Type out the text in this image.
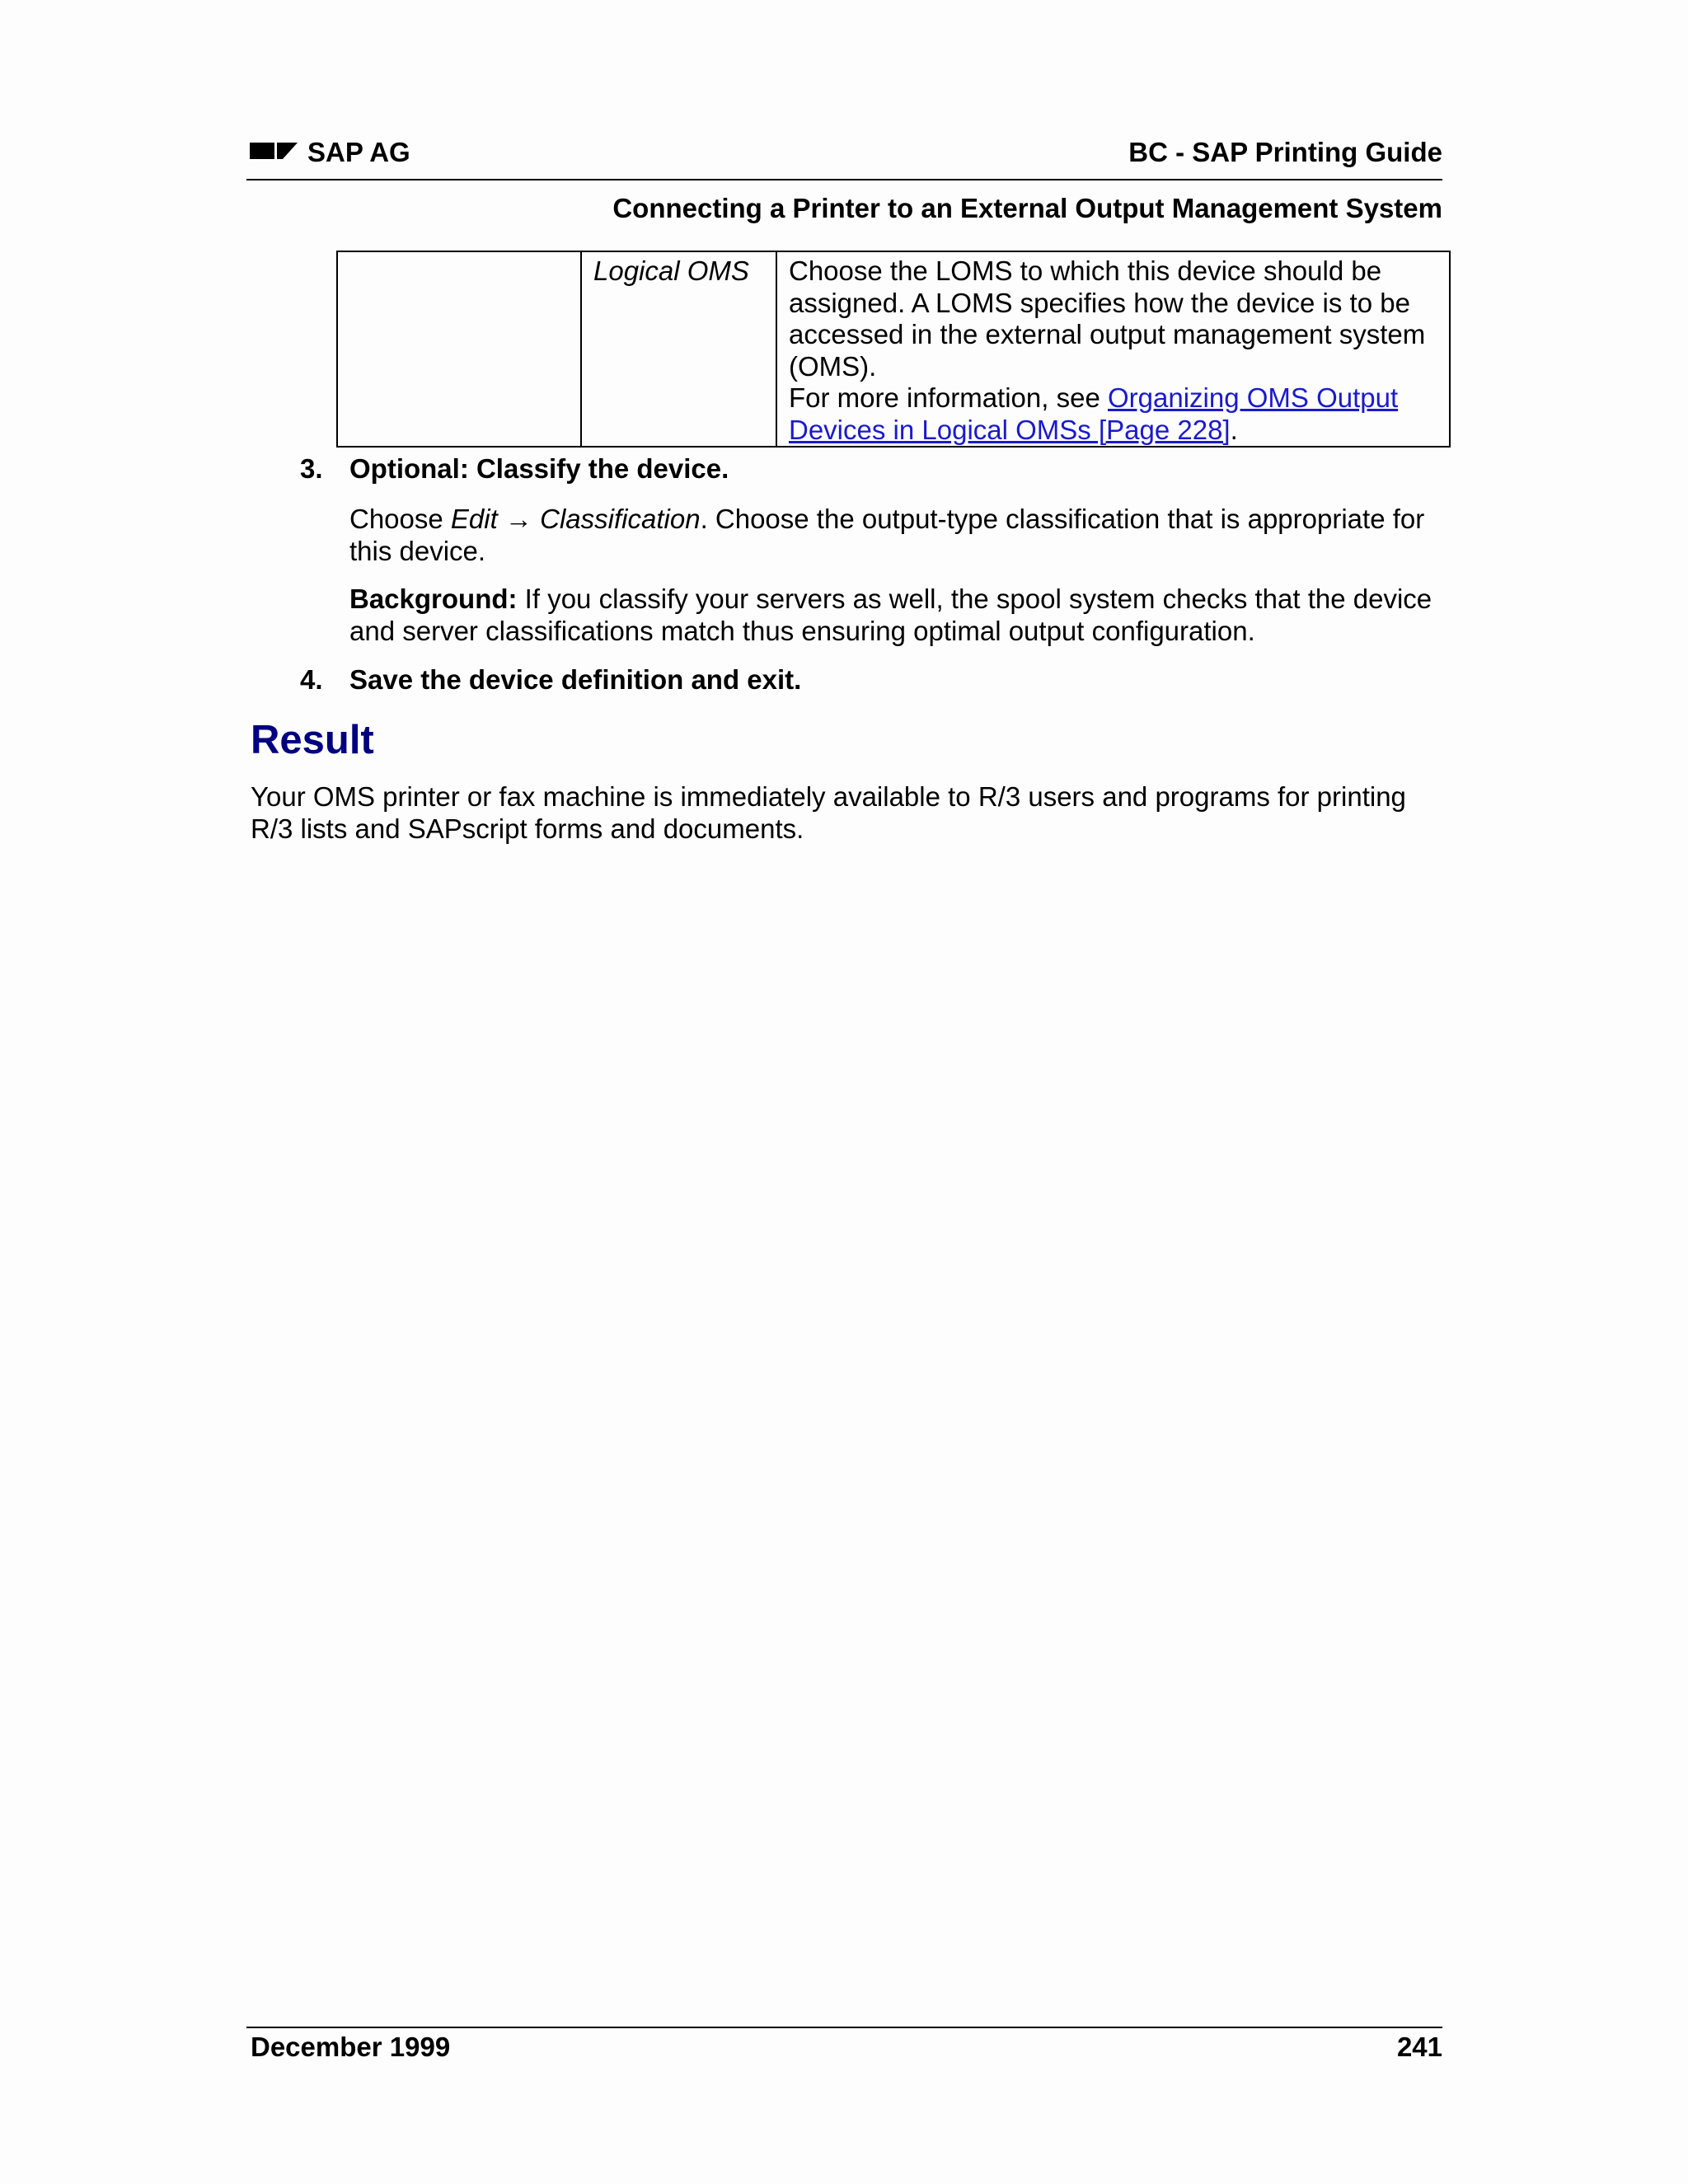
SAP AG	BC - SAP Printing Guide
Connecting a Printer to an External Output Management System

Logical OMS	Choose the LOMS to which this device should be assigned. A LOMS specifies how the device is to be accessed in the external output management system (OMS).
For more information, see Organizing OMS Output Devices in Logical OMSs [Page 228].
3. Optional: Classify the device.
Choose Edit → Classification. Choose the output-type classification that is appropriate for this device.
Background: If you classify your servers as well, the spool system checks that the device and server classifications match thus ensuring optimal output configuration.
4. Save the device definition and exit.
Result
Your OMS printer or fax machine is immediately available to R/3 users and programs for printing R/3 lists and SAPscript forms and documents.
December 1999	241
